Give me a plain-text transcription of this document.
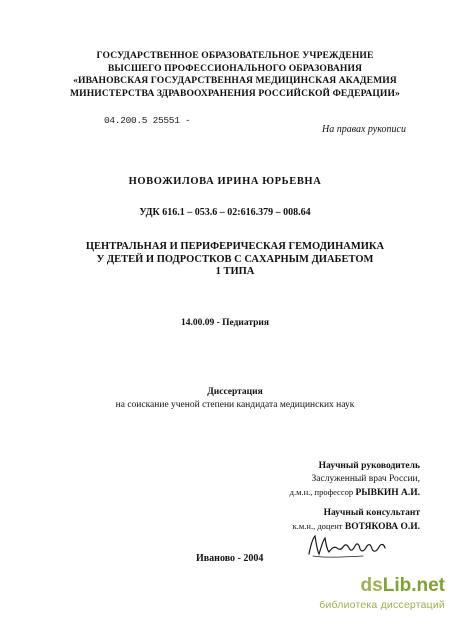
ГОСУДАРСТВЕННОЕ ОБРАЗОВАТЕЛЬНОЕ УЧРЕЖДЕНИЕ
ВЫСШЕГО ПРОФЕССИОНАЛЬНОГО ОБРАЗОВАНИЯ
«ИВАНОВСКАЯ ГОСУДАРСТВЕННАЯ МЕДИЦИНСКАЯ АКАДЕМИЯ
МИНИСТЕРСТВА ЗДРАВООХРАНЕНИЯ РОССИЙСКОЙ ФЕДЕРАЦИИ»
04.200.5 25551 -
На правах рукописи
НОВОЖИЛОВА ИРИНА ЮРЬЕВНА
УДК 616.1 – 053.6 – 02:616.379 – 008.64
ЦЕНТРАЛЬНАЯ И ПЕРИФЕРИЧЕСКАЯ ГЕМОДИНАМИКА
У ДЕТЕЙ И ПОДРОСТКОВ С САХАРНЫМ ДИАБЕТОМ
1 ТИПА
14.00.09 - Педиатрия
Диссертация
на соискание ученой степени кандидата медицинских наук
Научный руководитель
Заслуженный врач России,
д.м.н., профессор РЫВКИН А.И.
Научный консультант
к.м.н., доцент ВОТЯКОВА О.И.
Иваново - 2004
dsLib.net
библиотека диссертаций
